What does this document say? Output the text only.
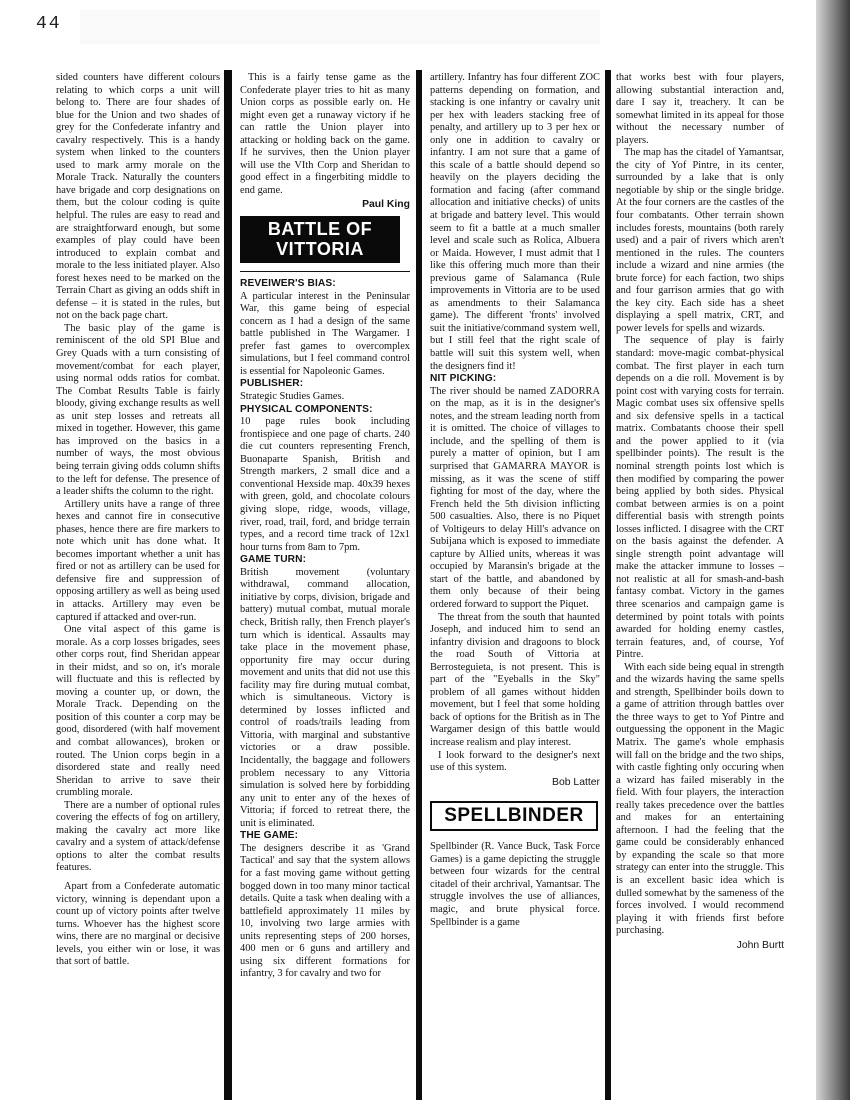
44

sided counters have different colours relating to which corps a unit will belong to. There are four shades of blue for the Union and two shades of grey for the Confederate infantry and cavalry respectively. This is a handy system when linked to the counters used to mark army morale on the Morale Track. Naturally the counters have brigade and corp designations on them, but the colour coding is quite helpful. The rules are easy to read and are straightforward enough, but some examples of play could have been introduced to explain combat and morale to the less initiated player. Also forest hexes need to be marked on the Terrain Chart as giving an odds shift in defense – it is stated in the rules, but not on the back page chart.

The basic play of the game is reminiscent of the old SPI Blue and Grey Quads with a turn consisting of movement/combat for each player, using normal odds ratios for combat. The Combat Results Table is fairly bloody, giving exchange results as well as unit step losses and retreats all mixed in together. However, this game has improved on the basics in a number of ways, the most obvious being terrain giving odds column shifts to the left for defense. The presence of a leader shifts the column to the right.

Artillery units have a range of three hexes and cannot fire in consecutive phases, hence there are fire markers to note which unit has done what. It becomes important whether a unit has fired or not as artillery can be used for defensive fire and suppression of opposing artillery as well as being used in attacks. Artillery may even be captured if attacked and over-run.

One vital aspect of this game is morale. As a corp losses brigades, sees other corps rout, find Sheridan appear in their midst, and so on, it's morale will fluctuate and this is reflected by moving a counter up, or down, the Morale Track. Depending on the position of this counter a corp may be good, disordered (with half movement and combat allowances), broken or routed. The Union corps begin in a disordered state and really need Sheridan to arrive to save their crumbling morale.

There are a number of optional rules covering the effects of fog on artillery, making the cavalry act more like cavalry and a system of attack/defense options to alter the combat results features.

Apart from a Confederate automatic victory, winning is dependant upon a count up of victory points after twelve turns. Whoever has the highest score wins, there are no marginal or decisive levels, you either win or lose, it was that sort of battle.

This is a fairly tense game as the Confederate player tries to hit as many Union corps as possible early on. He might even get a runaway victory if he can rattle the Union player into attacking or holding back on the game. If he survives, then the Union player will use the VIth Corp and Sheridan to good effect in a fingerbiting middle to end game.

Paul King
BATTLE OF
VITTORIA
REVEIWER'S BIAS:

A particular interest in the Peninsular War, this game being of especial concern as I had a design of the same battle published in The Wargamer. I prefer fast games to overcomplex simulations, but I feel command control is essential for Napoleonic Games.

PUBLISHER:

Strategic Studies Games.

PHYSICAL COMPONENTS:

10 page rules book including frontispiece and one page of charts. 240 die cut counters representing French, Buonaparte Spanish, British and Strength markers, 2 small dice and a conventional Hexside map. 40x39 hexes with green, gold, and chocolate colours giving slope, ridge, woods, village, river, road, trail, ford, and bridge terrain types, and a record time track of 12x1 hour turns from 8am to 7pm.

GAME TURN:

British movement (voluntary withdrawal, command allocation, initiative by corps, division, brigade and battery) mutual combat, mutual morale check, British rally, then French player's turn which is identical. Assaults may take place in the movement phase, opportunity fire may occur during movement and units that did not use this facility may fire during mutual combat, which is simultaneous. Victory is determined by losses inflicted and control of roads/trails leading from Vittoria, with marginal and substantive victories or a draw possible. Incidentally, the baggage and followers problem necessary to any Vittoria simulation is solved here by forbidding any unit to enter any of the hexes of Vittoria; if forced to retreat there, the unit is eliminated.

THE GAME:

The designers describe it as 'Grand Tactical' and say that the system allows for a fast moving game without getting bogged down in too many minor tactical details. Quite a task when dealing with a battlefield approximately 11 miles by 10, involving two large armies with units representing steps of 200 horses, 400 men or 6 guns and artillery and using six different formations for infantry, 3 for cavalry and two for

artillery. Infantry has four different ZOC patterns depending on formation, and stacking is one infantry or cavalry unit per hex with leaders stacking free of penalty, and artillery up to 3 per hex or only one in addition to cavalry or infantry. I am not sure that a game of this scale of a battle should depend so heavily on the players deciding the formation and facing (after command allocation and initiative checks) of units at brigade and battery level. This would seem to fit a battle at a much smaller level and scale such as Rolica, Albuera or Maida. However, I must admit that I like this offering much more than their previous game of Salamanca (Rule improvements in Vittoria are to be used as amendments to their Salamanca game). The different 'fronts' involved suit the initiative/command system well, but I still feel that the right scale of battle will suit this system well, when the designers find it!

NIT PICKING:

The river should be named ZADORRA on the map, as it is in the designer's notes, and the stream leading north from it is omitted. The choice of villages to include, and the spelling of them is purely a matter of opinion, but I am surprised that GAMARRA MAYOR is missing, as it was the scene of stiff fighting for most of the day, where the French held the 5th division inflicting 500 casualties. Also, there is no Piquet of Voltigeurs to delay Hill's advance on Subijana which is exposed to immediate capture by Allied units, whereas it was occupied by Maransin's brigade at the start of the battle, and abandoned by them only because of their being ordered forward to support the Piquet.

The threat from the south that haunted Joseph, and induced him to send an infantry division and dragoons to block the road South of Vittoria at Berrosteguieta, is not present. This is part of the "Eyeballs in the Sky" problem of all games without hidden movement, but I feel that some holding back of options for the British as in The Wargamer design of this battle would increase realism and play interest.

I look forward to the designer's next use of this system.

Bob Latter
SPELLBINDER

Spellbinder (R. Vance Buck, Task Force Games) is a game depicting the struggle between four wizards for the central citadel of their archrival, Yamantsar. The struggle involves the use of alliances, magic, and brute physical force. Spellbinder is a game

that works best with four players, allowing substantial interaction and, dare I say it, treachery. It can be somewhat limited in its appeal for those without the necessary number of players.

The map has the citadel of Yamantsar, the city of Yof Pintre, in its center, surrounded by a lake that is only negotiable by ship or the single bridge. At the four corners are the castles of the four combatants. Other terrain shown includes forests, mountains (both rarely used) and a pair of rivers which aren't mentioned in the rules. The counters include a wizard and nine armies (the brute force) for each faction, two ships and four garrison armies that go with the key city. Each side has a sheet displaying a spell matrix, CRT, and power levels for spells and wizards.

The sequence of play is fairly standard: move-magic combat-physical combat. The first player in each turn depends on a die roll. Movement is by point cost with varying costs for terrain. Magic combat uses six offensive spells and six defensive spells in a tactical matrix. Combatants choose their spell and the power applied to it (via spellbinder points). The result is the nominal strength points lost which is then modified by comparing the power being applied by both sides. Physical combat between armies is on a point differential basis with strength points losses inflicted. I disagree with the CRT on the basis against the defender. A single strength point advantage will make the attacker immune to losses – not realistic at all for smash-and-bash fantasy combat. Victory in the games three scenarios and campaign game is determined by point totals with points awarded for holding enemy castles, terrain features, and, of course, Yof Pintre.

With each side being equal in strength and the wizards having the same spells and strength, Spellbinder boils down to a game of attrition through battles over the three ways to get to Yof Pintre and outguessing the opponent in the Magic Matrix. The game's whole emphasis will fall on the bridge and the two ships, with castle fighting only occuring when a wizard has failed miserably in the field. With four players, the interaction really takes precedence over the battles and makes for an entertaining afternoon. I had the feeling that the game could be considerably enhanced by expanding the scale so that more strategy can enter into the struggle. This is an excellent basic idea which is dulled somewhat by the sameness of the forces involved. I would recommend playing it with friends first before purchasing.

John Burtt
